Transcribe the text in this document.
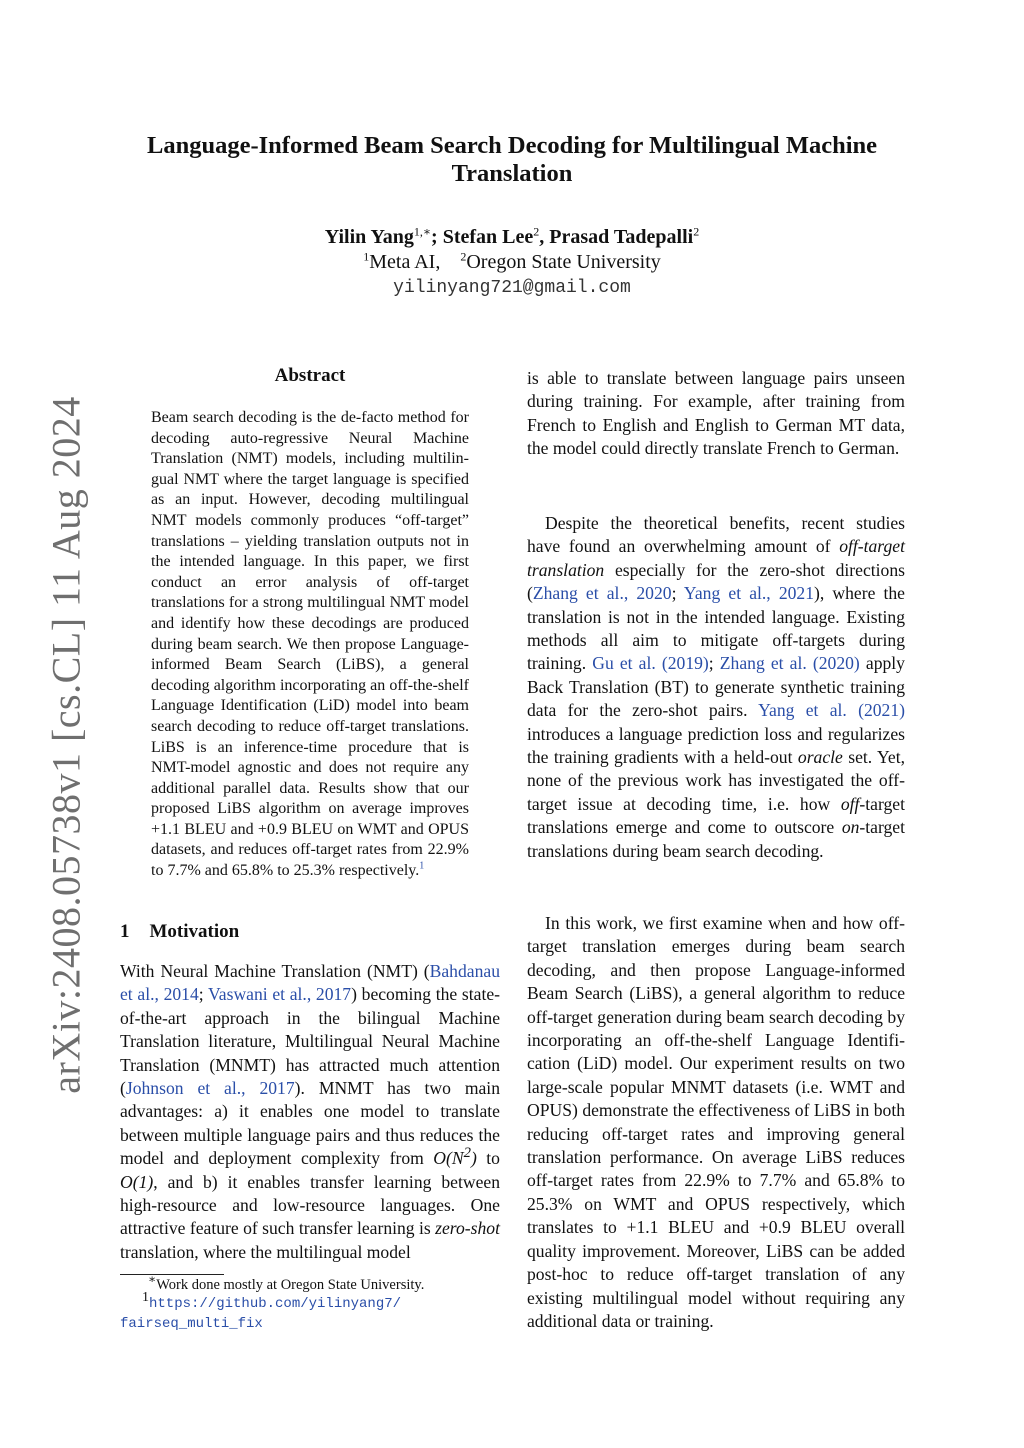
arXiv:2408.05738v1 [cs.CL] 11 Aug 2024
Language-Informed Beam Search Decoding for Multilingual Machine Translation
Yilin Yang$^{1,∗}$; Stefan Lee$^2$, Prasad Tadepalli$^2$
$^1$Meta AI, $^2$Oregon State University
yilinyang721@gmail.com
Abstract

Beam search decoding is the de-facto method for decoding auto-regressive Neural Machine Translation (NMT) models, including multilingual NMT where the target language is specified as an input. However, decoding multilingual NMT models commonly produces “off-target” translations – yielding translation outputs not in the intended language. In this paper, we first conduct an error analysis of off-target translations for a strong multilingual NMT model and identify how these decodings are produced during beam search. We then propose Language-informed Beam Search (LiBS), a general decoding algorithm incorporating an off-the-shelf Language Identification (LiD) model into beam search decoding to reduce off-target translations. LiBS is an inference-time procedure that is NMT-model agnostic and does not require any additional parallel data. Results show that our proposed LiBS algorithm on average improves +1.1 BLEU and +0.9 BLEU on WMT and OPUS datasets, and reduces off-target rates from 22.9% to 7.7% and 65.8% to 25.3% respectively.$^1$

1 Motivation

With Neural Machine Translation (NMT) (Bahdanau et al., 2014; Vaswani et al., 2017) becoming the state-of-the-art approach in the bilingual Machine Translation literature, Multilingual Neural Machine Translation (MNMT) has attracted much attention (Johnson et al., 2017). MNMT has two main advantages: a) it enables one model to translate between multiple language pairs and thus reduces the model and deployment complexity from $O(N^2)$ to O(1), and b) it enables transfer learning between high-resource and low-resource languages. One attractive feature of such transfer learning is zero-shot translation, where the multilingual model

∗Work done mostly at Oregon State University.

$^1$https://github.com/yilinyang7/ fairseq_multi_fix

is able to translate between language pairs unseen during training. For example, after training from French to English and English to German MT data, the model could directly translate French to German.

Despite the theoretical benefits, recent studies have found an overwhelming amount of off-target translation especially for the zero-shot directions (Zhang et al., 2020; Yang et al., 2021), where the translation is not in the intended language. Existing methods all aim to mitigate off-targets during training. Gu et al. (2019); Zhang et al. (2020) apply Back Translation (BT) to generate synthetic training data for the zero-shot pairs. Yang et al. (2021) introduces a language prediction loss and regularizes the training gradients with a held-out oracle set. Yet, none of the previous work has investigated the off-target issue at decoding time, i.e. how off-target translations emerge and come to outscore on-target translations during beam search decoding.

In this work, we first examine when and how off-target translation emerges during beam search decoding, and then propose Language-informed Beam Search (LiBS), a general algorithm to reduce off-target generation during beam search decoding by incorporating an off-the-shelf Language Identification (LiD) model. Our experiment results on two large-scale popular MNMT datasets (i.e. WMT and OPUS) demonstrate the effectiveness of LiBS in both reducing off-target rates and improving general translation performance. On average LiBS reduces off-target rates from 22.9% to 7.7% and 65.8% to 25.3% on WMT and OPUS respectively, which translates to +1.1 BLEU and +0.9 BLEU overall quality improvement. Moreover, LiBS can be added post-hoc to reduce off-target translation of any existing multilingual model without requiring any additional data or training.
